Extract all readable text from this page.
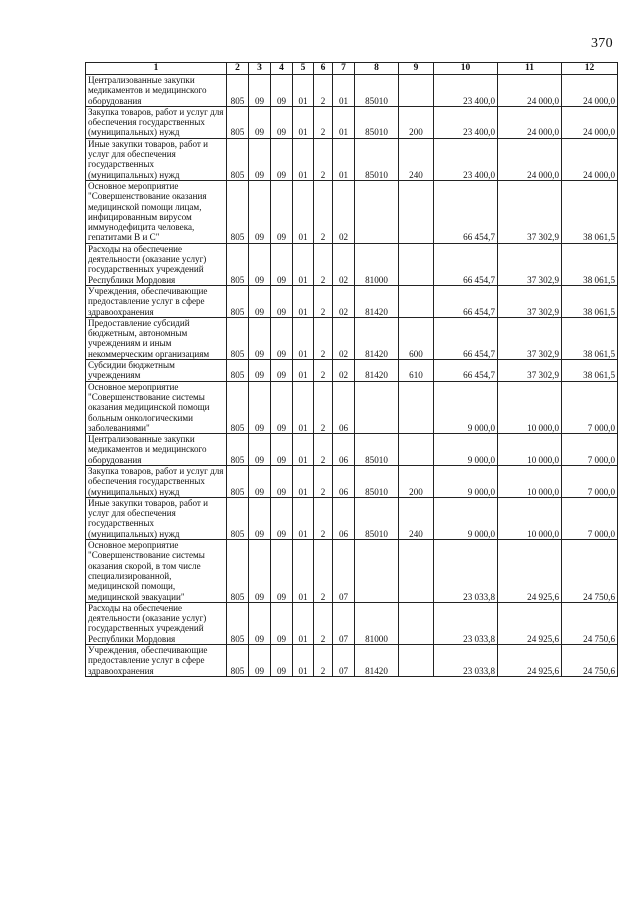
370
1	2	3	4	5	6	7	8	9	10	11	12
Централизованные закупки медикаментов и медицинского оборудования	805	09	09	01	2	01	85010		23 400,0	24 000,0	24 000,0
Закупка товаров, работ и услуг для обеспечения государственных (муниципальных) нужд	805	09	09	01	2	01	85010	200	23 400,0	24 000,0	24 000,0
Иные закупки товаров, работ и услуг для обеспечения государственных (муниципальных) нужд	805	09	09	01	2	01	85010	240	23 400,0	24 000,0	24 000,0
Основное мероприятие "Совершенствование оказания медицинской помощи лицам, инфицированным вирусом иммунодефицита человека, гепатитами В и С"	805	09	09	01	2	02			66 454,7	37 302,9	38 061,5
Расходы на обеспечение деятельности (оказание услуг) государственных учреждений Республики Мордовия	805	09	09	01	2	02	81000		66 454,7	37 302,9	38 061,5
Учреждения, обеспечивающие предоставление услуг в сфере здравоохранения	805	09	09	01	2	02	81420		66 454,7	37 302,9	38 061,5
Предоставление субсидий бюджетным, автономным учреждениям и иным некоммерческим организациям	805	09	09	01	2	02	81420	600	66 454,7	37 302,9	38 061,5
Субсидии бюджетным учреждениям	805	09	09	01	2	02	81420	610	66 454,7	37 302,9	38 061,5
Основное мероприятие "Совершенствование системы оказания медицинской помощи больным онкологическими заболеваниями"	805	09	09	01	2	06			9 000,0	10 000,0	7 000,0
Централизованные закупки медикаментов и медицинского оборудования	805	09	09	01	2	06	85010		9 000,0	10 000,0	7 000,0
Закупка товаров, работ и услуг для обеспечения государственных (муниципальных) нужд	805	09	09	01	2	06	85010	200	9 000,0	10 000,0	7 000,0
Иные закупки товаров, работ и услуг для обеспечения государственных (муниципальных) нужд	805	09	09	01	2	06	85010	240	9 000,0	10 000,0	7 000,0
Основное мероприятие "Совершенствование системы оказания скорой, в том числе специализированной, медицинской помощи, медицинской эвакуации"	805	09	09	01	2	07			23 033,8	24 925,6	24 750,6
Расходы на обеспечение деятельности (оказание услуг) государственных учреждений Республики Мордовия	805	09	09	01	2	07	81000		23 033,8	24 925,6	24 750,6
Учреждения, обеспечивающие предоставление услуг в сфере здравоохранения	805	09	09	01	2	07	81420		23 033,8	24 925,6	24 750,6
